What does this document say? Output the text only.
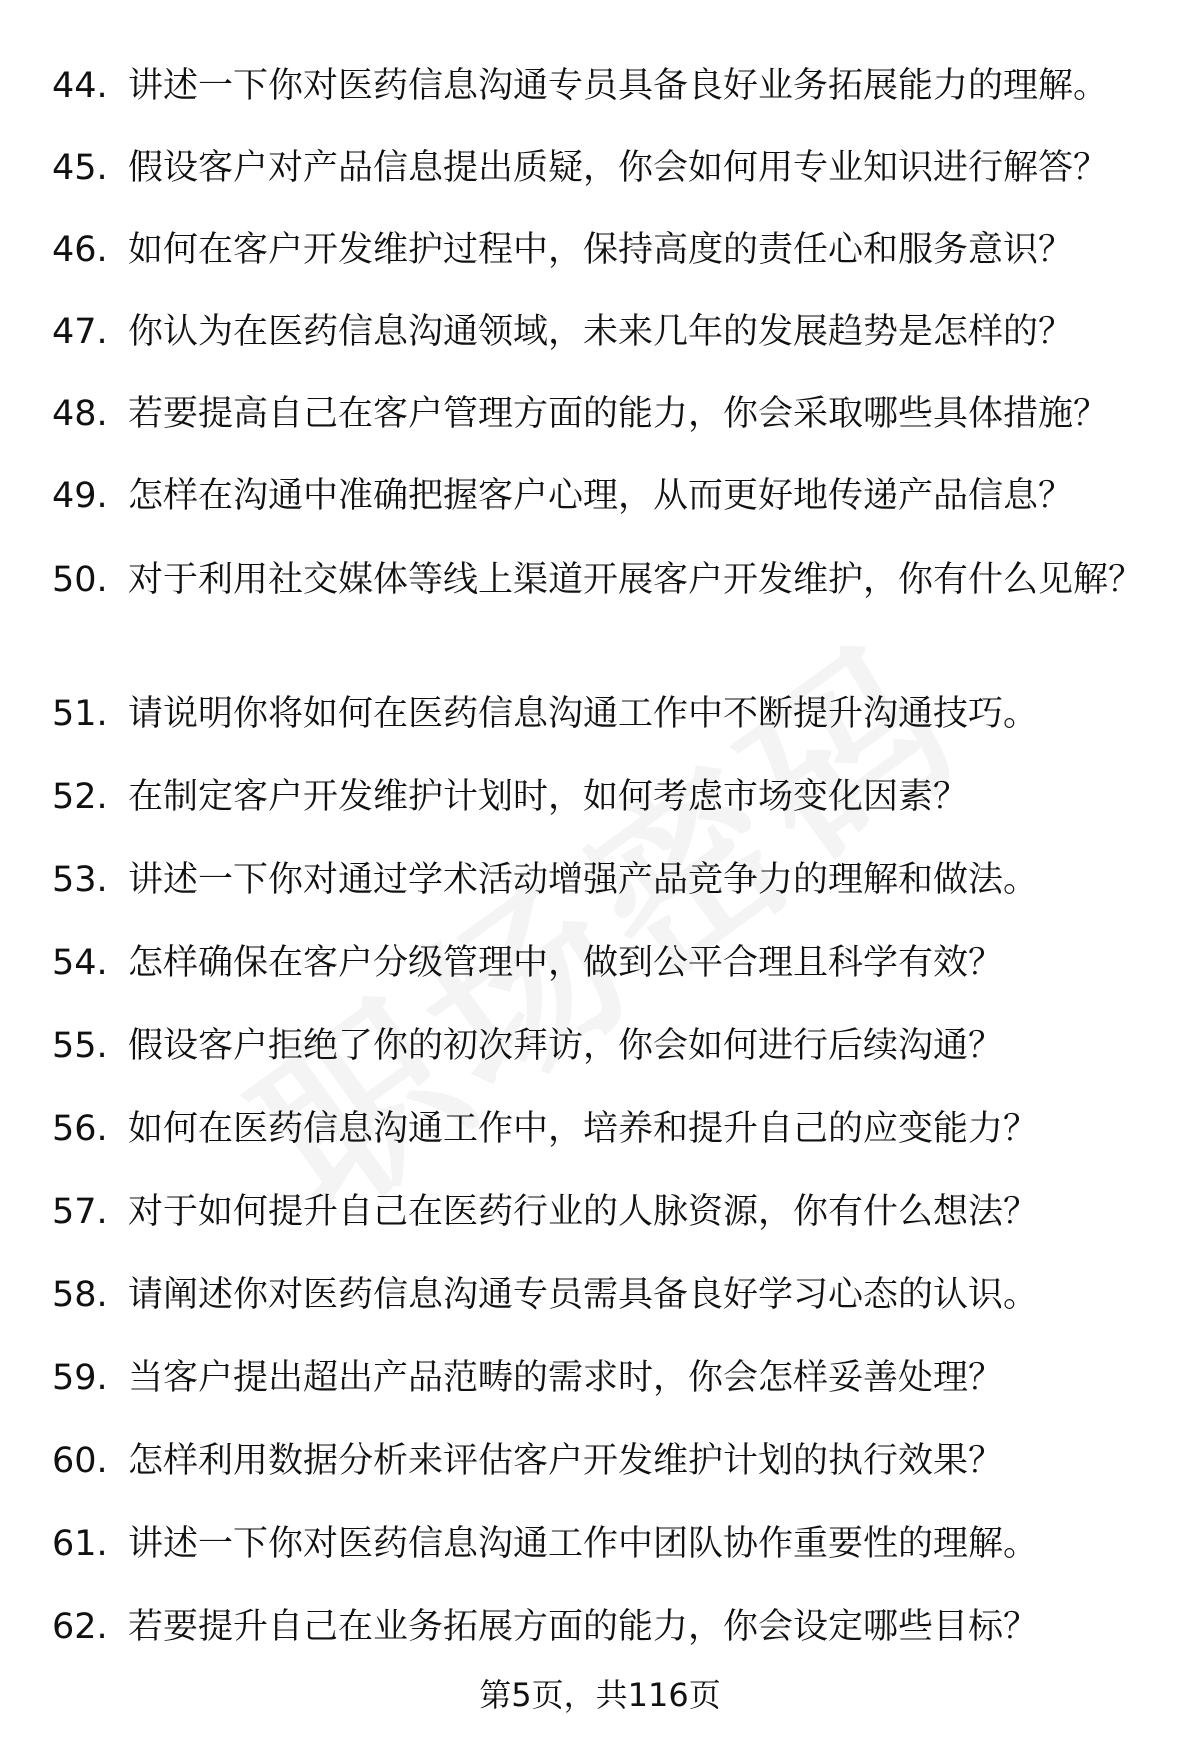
44. 讲述一下你对医药信息沟通专员具备良好业务拓展能力的理解。
45. 假设客户对产品信息提出质疑，你会如何用专业知识进行解答？
46. 如何在客户开发维护过程中，保持高度的责任心和服务意识？
47. 你认为在医药信息沟通领域，未来几年的发展趋势是怎样的？
48. 若要提高自己在客户管理方面的能力，你会采取哪些具体措施？
49. 怎样在沟通中准确把握客户心理，从而更好地传递产品信息？
50. 对于利用社交媒体等线上渠道开展客户开发维护，你有什么见解？
51. 请说明你将如何在医药信息沟通工作中不断提升沟通技巧。
52. 在制定客户开发维护计划时，如何考虑市场变化因素？
53. 讲述一下你对通过学术活动增强产品竞争力的理解和做法。
54. 怎样确保在客户分级管理中，做到公平合理且科学有效？
55. 假设客户拒绝了你的初次拜访，你会如何进行后续沟通？
56. 如何在医药信息沟通工作中，培养和提升自己的应变能力？
57. 对于如何提升自己在医药行业的人脉资源，你有什么想法？
58. 请阐述你对医药信息沟通专员需具备良好学习心态的认识。
59. 当客户提出超出产品范畴的需求时，你会怎样妥善处理？
60. 怎样利用数据分析来评估客户开发维护计划的执行效果？
61. 讲述一下你对医药信息沟通工作中团队协作重要性的理解。
62. 若要提升自己在业务拓展方面的能力，你会设定哪些目标？
第5页，共116页
